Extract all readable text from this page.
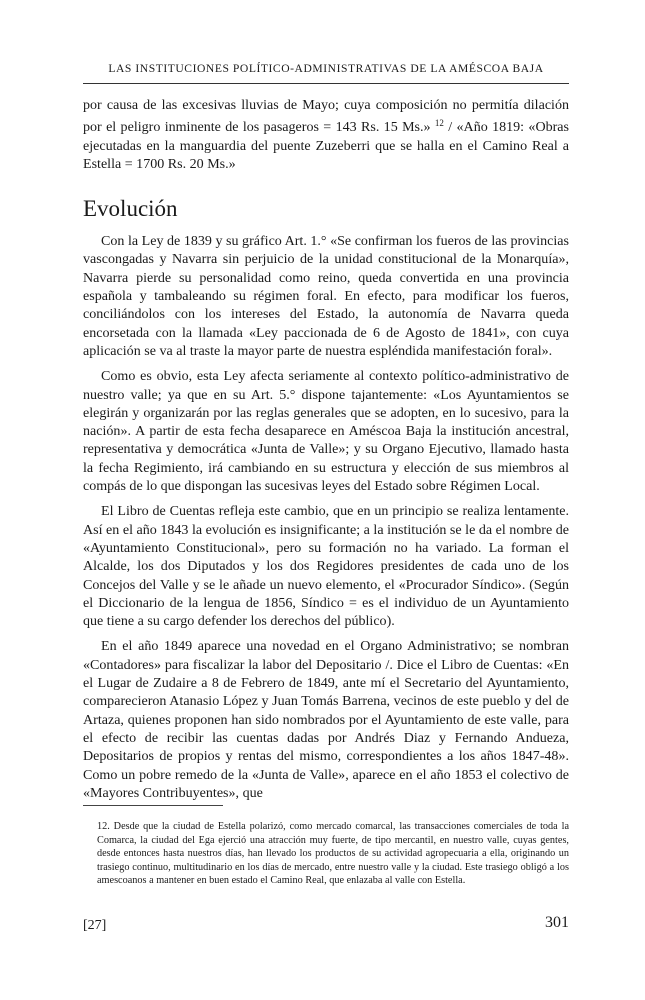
LAS INSTITUCIONES POLÍTICO-ADMINISTRATIVAS DE LA AMÉSCOA BAJA

por causa de las excesivas lluvias de Mayo; cuya composición no permitía dilación por el peligro inminente de los pasageros = 143 Rs. 15 Ms.» $^{12}$ / «Año 1819: «Obras ejecutadas en la manguardia del puente Zuzeberri que se halla en el Camino Real a Estella = 1700 Rs. 20 Ms.»

Evolución

Con la Ley de 1839 y su gráfico Art. 1.° «Se confirman los fueros de las provincias vascongadas y Navarra sin perjuicio de la unidad constitucional de la Monarquía», Navarra pierde su personalidad como reino, queda convertida en una provincia española y tambaleando su régimen foral. En efecto, para modificar los fueros, conciliándolos con los intereses del Estado, la autonomía de Navarra queda encorsetada con la llamada «Ley paccionada de 6 de Agosto de 1841», con cuya aplicación se va al traste la mayor parte de nuestra espléndida manifestación foral».

Como es obvio, esta Ley afecta seriamente al contexto político-administrativo de nuestro valle; ya que en su Art. 5.° dispone tajantemente: «Los Ayuntamientos se elegirán y organizarán por las reglas generales que se adopten, en lo sucesivo, para la nación». A partir de esta fecha desaparece en Améscoa Baja la institución ancestral, representativa y democrática «Junta de Valle»; y su Organo Ejecutivo, llamado hasta la fecha Regimiento, irá cambiando en su estructura y elección de sus miembros al compás de lo que dispongan las sucesivas leyes del Estado sobre Régimen Local.

El Libro de Cuentas refleja este cambio, que en un principio se realiza lentamente. Así en el año 1843 la evolución es insignificante; a la institución se le da el nombre de «Ayuntamiento Constitucional», pero su formación no ha variado. La forman el Alcalde, los dos Diputados y los dos Regidores presidentes de cada uno de los Concejos del Valle y se le añade un nuevo elemento, el «Procurador Síndico». (Según el Diccionario de la lengua de 1856, Síndico = es el individuo de un Ayuntamiento que tiene a su cargo defender los derechos del público).

En el año 1849 aparece una novedad en el Organo Administrativo; se nombran «Contadores» para fiscalizar la labor del Depositario /. Dice el Libro de Cuentas: «En el Lugar de Zudaire a 8 de Febrero de 1849, ante mí el Secretario del Ayuntamiento, comparecieron Atanasio López y Juan Tomás Barrena, vecinos de este pueblo y del de Artaza, quienes proponen han sido nombrados por el Ayuntamiento de este valle, para el efecto de recibir las cuentas dadas por Andrés Diaz y Fernando Andueza, Depositarios de propios y rentas del mismo, correspondientes a los años 1847-48». Como un pobre remedo de la «Junta de Valle», aparece en el año 1853 el colectivo de «Mayores Contribuyentes», que

12. Desde que la ciudad de Estella polarizó, como mercado comarcal, las transacciones comerciales de toda la Comarca, la ciudad del Ega ejerció una atracción muy fuerte, de tipo mercantil, en nuestro valle, cuyas gentes, desde entonces hasta nuestros días, han llevado los productos de su actividad agropecuaria a ella, originando un trasiego continuo, multitudinario en los días de mercado, entre nuestro valle y la ciudad. Este trasiego obligó a los amescoanos a mantener en buen estado el Camino Real, que enlazaba al valle con Estella.
[27]	301
